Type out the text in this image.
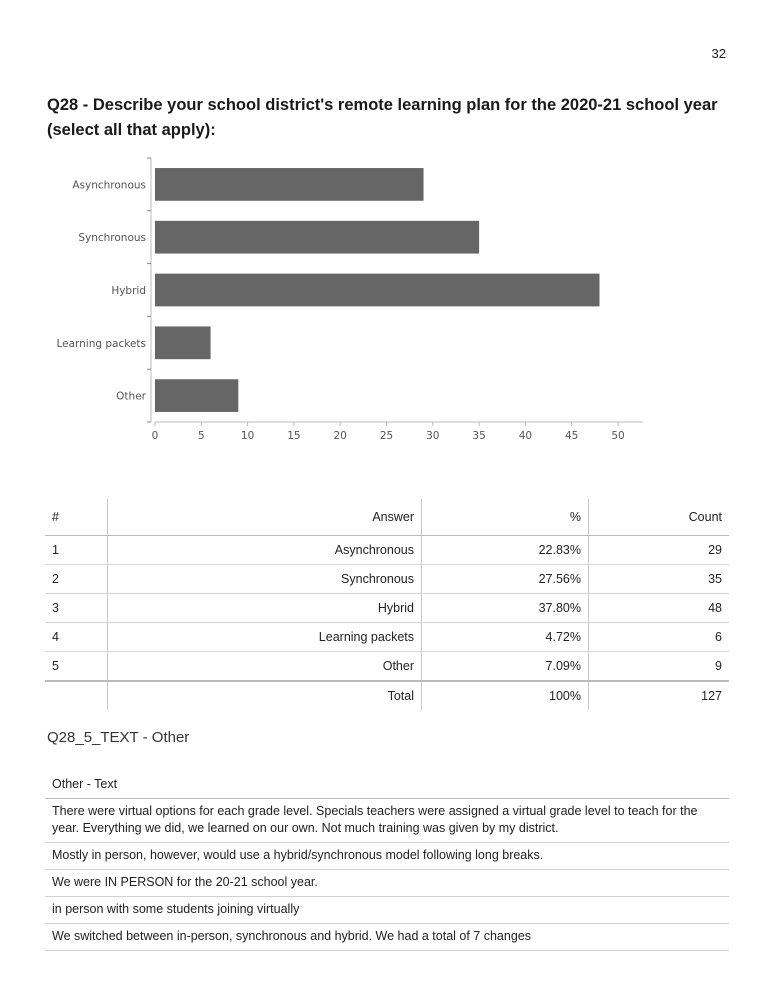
32
Q28 - Describe your school district's remote learning plan for the 2020-21 school year (select all that apply):
0	5	10	15	20	25	30	35	40	45	50
Asynchronous
Synchronous
Hybrid
Learning packets
Other
#	Answer	%	Count
1	Asynchronous	22.83%	29
2	Synchronous	27.56%	35
3	Hybrid	37.80%	48
4	Learning packets	4.72%	6
5	Other	7.09%	9
	Total	100%	127
Q28_5_TEXT - Other
Other - Text
There were virtual options for each grade level. Specials teachers were assigned a virtual grade level to teach for the year. Everything we did, we learned on our own. Not much training was given by my district.
Mostly in person, however, would use a hybrid/synchronous model following long breaks.
We were IN PERSON for the 20-21 school year.
in person with some students joining virtually
We switched between in-person, synchronous and hybrid. We had a total of 7 changes
